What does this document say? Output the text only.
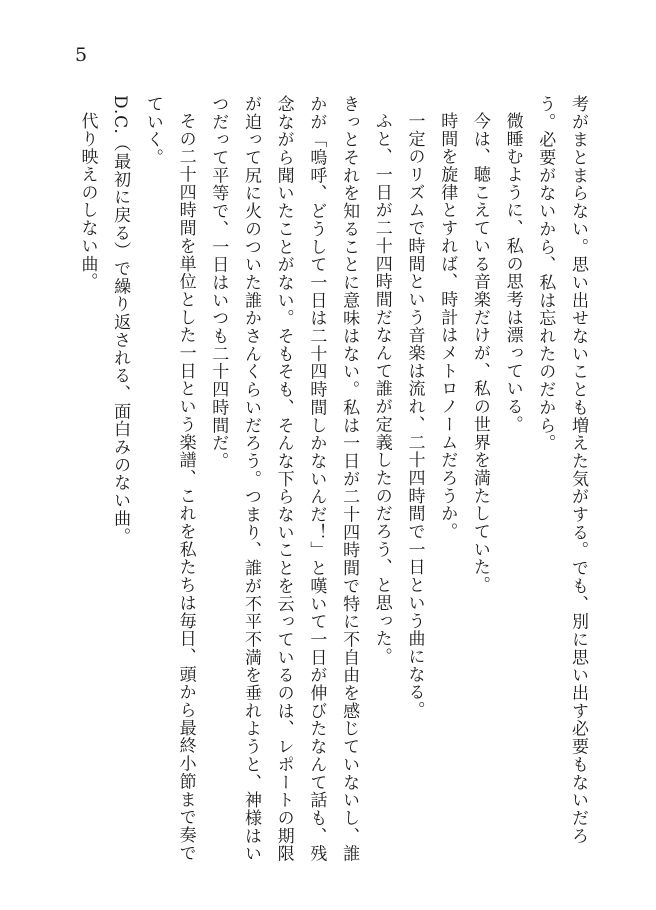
5

考がまとまらない。思い出せないことも増えた気がする。でも、別に思い出す必要もないだろう。必要がないから、私は忘れたのだから。

微睡むように、私の思考は漂っている。

今は、聴こえている音楽だけが、私の世界を満たしていた。

時間を旋律とすれば、時計はメトロノームだろうか。

一定のリズムで時間という音楽は流れ、二十四時間で一日という曲になる。

ふと、一日が二十四時間だなんて誰が定義したのだろう、と思った。

きっとそれを知ることに意味はない。私は一日が二十四時間で特に不自由を感じていないし、誰かが「嗚呼、どうして一日は二十四時間しかないんだ！」と嘆いて一日が伸びたなんて話も、残念ながら聞いたことがない。そもそも、そんな下らないことを云っているのは、レポートの期限が迫って尻に火のついた誰かさんくらいだろう。つまり、誰が不平不満を垂れようと、神様はいつだって平等で、一日はいつも二十四時間だ。

その二十四時間を単位とした一日という楽譜、これを私たちは毎日、頭から最終小節まで奏でていく。

D.C.（最初に戻る）で繰り返される、面白みのない曲。

代り映えのしない曲。
